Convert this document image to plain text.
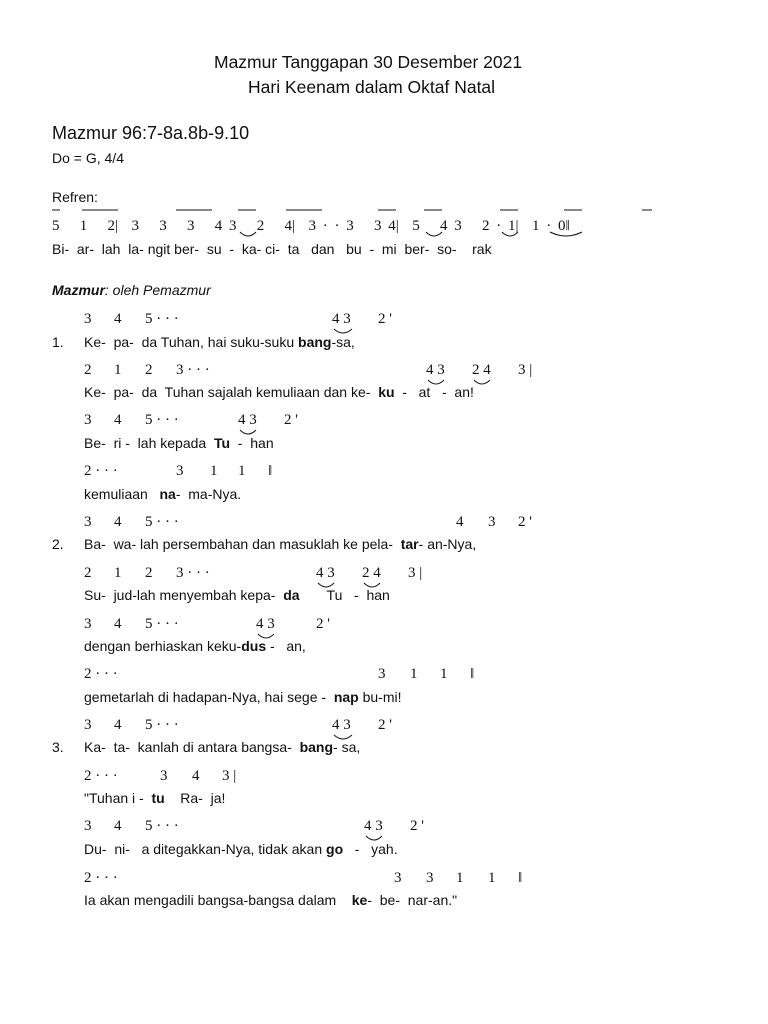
Mazmur Tanggapan 30 Desember 2021
Hari Keenam dalam Oktaf Natal
Mazmur 96:7-8a.8b-9.10
Do = G, 4/4
Refren:
5   1   2|  3   3   3   4 3   2   4|  3 · · 3   3 4|  5   4 3   2 · 1|  1 · 0‖
Bi-  ar-  lah  la- ngit ber-  su  -  ka- ci-  ta   dan   bu  -  mi  ber-  so-    rak
Mazmur: oleh Pemazmur
1.
2.
3.
3 4 5 · · ·	4 3 2 '
Ke-  pa-  da Tuhan, hai suku-suku bang-sa,
2 1 2 3 · · ·	4 3 2 4 3 |
Ke-  pa-  da  Tuhan sajalah kemuliaan dan ke-  ku  -   at   -  an!
3 4 5 · · ·	4 3 2 '
Be-  ri -  lah kepada  Tu  -  han
2 · · ·	3 1 1 ‖
kemuliaan   na-  ma-Nya.
3 4 5 · · ·	4 3 2 '
Ba-  wa- lah persembahan dan masuklah ke pela-  tar- an-Nya,
2 1 2 3 · · ·	4 3 2 4 3 |
Su-  jud-lah menyembah kepa-  da       Tu   -  han
3 4 5 · · ·	4 3	2 '
dengan berhiaskan keku-dus -   an,
2 · · ·	3 1 1 ‖
gemetarlah di hadapan-Nya, hai sege -  nap bu-mi!
3 4 5 · · ·	4 3 2 '
Ka-  ta-  kanlah di antara bangsa-  bang- sa,
2 · · ·	3 4 3 |
"Tuhan i -  tu    Ra-  ja!
3 4 5 · · ·	4 3 2 '
Du-  ni-   a ditegakkan-Nya, tidak akan go   -   yah.
2 · · ·	3 3 1 1 ‖
Ia akan mengadili bangsa-bangsa dalam    ke-  be-  nar-an."
